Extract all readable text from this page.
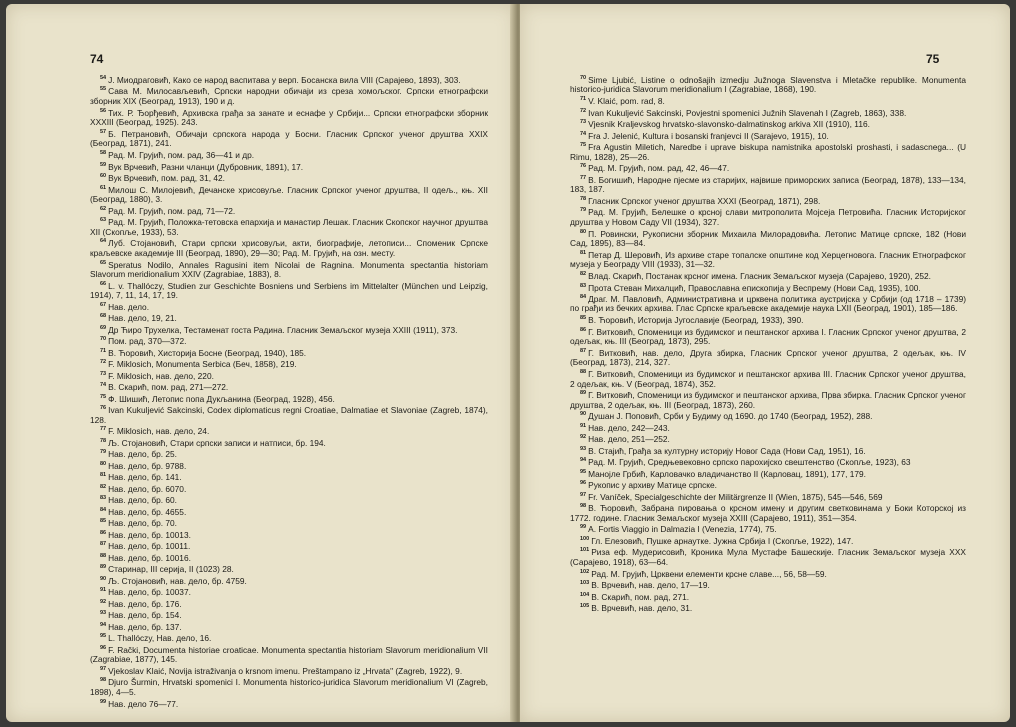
74
$^{54}$ J. Миодраговић, Како се народ васпитава у верп. Босанска вила VIII (Сарајево, 1893), 303.
$^{55}$ Сава М. Милосављевић, Српски народни обичаји из среза хомољског. Српски етнографски зборник XIX (Београд, 1913), 190 и д.
$^{56}$ Тих. Р. Ђорђевић, Архивска грађа за занате и еснафе у Србији... Српски етнографски зборник XXXIII (Београд, 1925). 243.
$^{57}$ Б. Петрановић, Обичаји српскога народа у Босни. Гласник Српског ученог друштва XXIX (Београд, 1871), 241.
$^{58}$ Рад. М. Грујић, пом. рад, 36—41 и др.
$^{59}$ Вук Врчевић, Разни чланци (Дубровник, 1891), 17.
$^{60}$ Вук Врчевић, пом. рад, 31, 42.
$^{61}$ Милош С. Милојевић, Дечанске хрисовуље. Гласник Српског ученог друштва, II одељ., књ. XII (Београд, 1880), 3.
$^{62}$ Рад. М. Грујић, пом. рад, 71—72.
$^{63}$ Рад. М. Грујић, Положка-тетовска епархија и манастир Лешак. Гласник Скопског научног друштва XII (Скопље, 1933), 53.
$^{64}$ Луб. Стојановић, Стари српски хрисовуљи, акти, биографије, летописи... Споменик Српске краљевске академије III (Београд, 1890), 29—30; Рад. М. Грујић, на озн. месту.
$^{65}$ Speratus Nodilo, Annales Ragusini item Nicolai de Ragnina. Monumenta spectantia historiam Slavorum meridionalium XXIV (Zagrabiae, 1883), 8.
$^{66}$ L. v. Thallóczy, Studien zur Geschichte Bosniens und Serbiens im Mittelalter (München und Leipzig, 1914), 7, 11, 14, 17, 19.
$^{67}$ Нав. дело.
$^{68}$ Нав. дело, 19, 21.
$^{69}$ Др Ћиро Трухелка, Тестаменат госта Радина. Гласник Земаљског музеја XXIII (1911), 373.
$^{70}$ Пом. рад, 370—372.
$^{71}$ В. Ћоровић, Хисторија Босне (Београд, 1940), 185.
$^{72}$ F. Miklosich, Monumenta Serbica (Беч, 1858), 219.
$^{73}$ F. Miklosich, нав. дело, 220.
$^{74}$ В. Скарић, пом. рад, 271—272.
$^{75}$ Ф. Шишић, Летопис попа Дукљанина (Београд, 1928), 456.
$^{76}$ Ivan Kukuljević Sakcinski, Codex diplomaticus regni Croatiae, Dalmatiae et Slavoniae (Zagreb, 1874), 128.
$^{77}$ F. Miklosich, нав. дело, 24.
$^{78}$ Љ. Стојановић, Стари српски записи и натписи, бр. 194.
$^{79}$ Нав. дело, бр. 25.
$^{80}$ Нав. дело, бр. 9788.
$^{81}$ Нав. дело, бр. 141.
$^{82}$ Нав. дело, бр. 6070.
$^{83}$ Нав. дело, бр. 60.
$^{84}$ Нав. дело, бр. 4655.
$^{85}$ Нав. дело, бр. 70.
$^{86}$ Нав. дело, бр. 10013.
$^{87}$ Нав. дело, бр. 10011.
$^{88}$ Нав. дело, бр. 10016.
$^{89}$ Старинар, III серија, II (1023) 28.
$^{90}$ Љ. Стојановић, нав. дело, бр. 4759.
$^{91}$ Нав. дело, бр. 10037.
$^{92}$ Нав. дело, бр. 176.
$^{93}$ Нав. дело, бр. 154.
$^{94}$ Нав. дело, бр. 137.
$^{95}$ L. Thallóczy, Нав. дело, 16.
$^{96}$ F. Rački, Documenta historiae croaticae. Monumenta spectantia historiam Slavorum meridionalium VII (Zagrabiae, 1877), 145.
$^{97}$ Vjekoslav Klaić, Novija istraživanja o krsnom imenu. Preštampano iz „Hrvata" (Zagreb, 1922), 9.
$^{98}$ Djuro Šurmin, Hrvatski spomenici I. Monumenta historico-juridica Slavorum meridionalium VI (Zagreb, 1898), 4—5.
$^{99}$ Нав. дело 76—77.
75
$^{70}$ Sime Ljubić, Listine o odnošajih izmedju Južnoga Slavenstva i Mletačke republike. Monumenta historico-juridica Slavorum meridionalium I (Zagrabiae, 1868), 190.
$^{71}$ V. Klaić, pom. rad, 8.
$^{72}$ Ivan Kukuljević Sakcinski, Povjestni spomenici Južnih Slavenah I (Zagreb, 1863), 338.
$^{73}$ Vjesnik Kraljevskog hrvatsko-slavonsko-dalmatinskog arkiva XII (1910), 116.
$^{74}$ Fra J. Jelenić, Kultura i bosanski franjevci II (Sarajevo, 1915), 10.
$^{75}$ Fra Agustin Miletich, Naredbe i uprave biskupa namistnika apostolskì proshasti, i sadascnega... (U Rimu, 1828), 25—26.
$^{76}$ Рад. М. Грујић, пом. рад, 42, 46—47.
$^{77}$ В. Богишић, Народне пјесме из старијих, највише приморских записа (Београд, 1878), 133—134, 183, 187.
$^{78}$ Гласник Српског ученог друштва XXXI (Београд, 1871), 298.
$^{79}$ Рад. М. Грујић, Белешке о крсној слави митрополита Мојсеја Петровића. Гласник Историјског друштва у Новом Саду VII (1934), 327.
$^{80}$ П. Ровински, Рукописни зборник Михаила Милорадовића. Летопис Матице српске, 182 (Нови Сад, 1895), 83—84.
$^{81}$ Петар Д. Шеровић, Из архиве старе топалске општине код Херцегновога. Гласник Етнографског музеја у Београду VIII (1933), 31—32.
$^{82}$ Влад. Скарић, Постанак крсног имена. Гласник Земаљског музеја (Сарајево, 1920), 252.
$^{83}$ Прота Стеван Михалцић, Православна епископија у Веспрему (Нови Сад, 1935), 100.
$^{84}$ Драг. М. Павловић, Административна и црквена политика аустријска у Србији (од 1718 – 1739) по грађи из бечких архива. Глас Српске краљевске академије наука LXII (Београд, 1901), 185—186.
$^{85}$ В. Ћоровић, Историја Југославије (Београд, 1933), 390.
$^{86}$ Г. Витковић, Споменици из будимског и пештанског архива I. Гласник Српског ученог друштва, 2 одељак, књ. III (Београд, 1873), 295.
$^{87}$ Г. Витковић, нав. дело, Друга збирка, Гласник Српског ученог друштва, 2 одељак, књ. IV (Београд, 1873), 214, 327.
$^{88}$ Г. Витковић, Споменици из будимског и пештанског архива III. Гласник Српског ученог друштва, 2 одељак, књ. V (Београд, 1874), 352.
$^{89}$ Г. Витковић, Споменици из будимског и пештанског архива, Прва збирка. Гласник Српског ученог друштва, 2 одељак, књ. III (Београд, 1873), 260.
$^{90}$ Душан Ј. Поповић, Срби у Будиму од 1690. до 1740 (Београд, 1952), 288.
$^{91}$ Нав. дело, 242—243.
$^{92}$ Нав. дело, 251—252.
$^{93}$ В. Стајић, Грађа за културну историју Новог Сада (Нови Сад, 1951), 16.
$^{94}$ Рад. М. Грујић, Средњевековно српско парохијско свештенство (Скопље, 1923), 63
$^{95}$ Манојле Грбић, Карловачко владичанство II (Карловац, 1891), 177, 179.
$^{96}$ Рукопис у архиву Матице српске.
$^{97}$ Fr. Vaníček, Specialgeschichte der Militärgrenze II (Wien, 1875), 545—546, 569
$^{98}$ В. Ћоровић, Забрана пировања о крсном имену и другим светковинама у Боки Которској из 1772. године. Гласник Земаљског музеја XXIII (Сарајево, 1911), 351—354.
$^{99}$ A. Fortis Viaggio in Dalmazia I (Venezia, 1774), 75.
$^{100}$ Гл. Елезовић, Пушке арнаутке. Јужна Србија I (Скопље, 1922), 147.
$^{101}$ Риза еф. Мудерисовић, Кроника Мула Мустафе Башескије. Гласник Земаљског музеја XXX (Сарајево, 1918), 63—64.
$^{102}$ Рад. М. Грујић, Црквени елементи крсне славе..., 56, 58—59.
$^{103}$ В. Врчевић, нав. дело, 17—19.
$^{104}$ В. Скарић, пом. рад, 271.
$^{105}$ В. Врчевић, нав. дело, 31.
